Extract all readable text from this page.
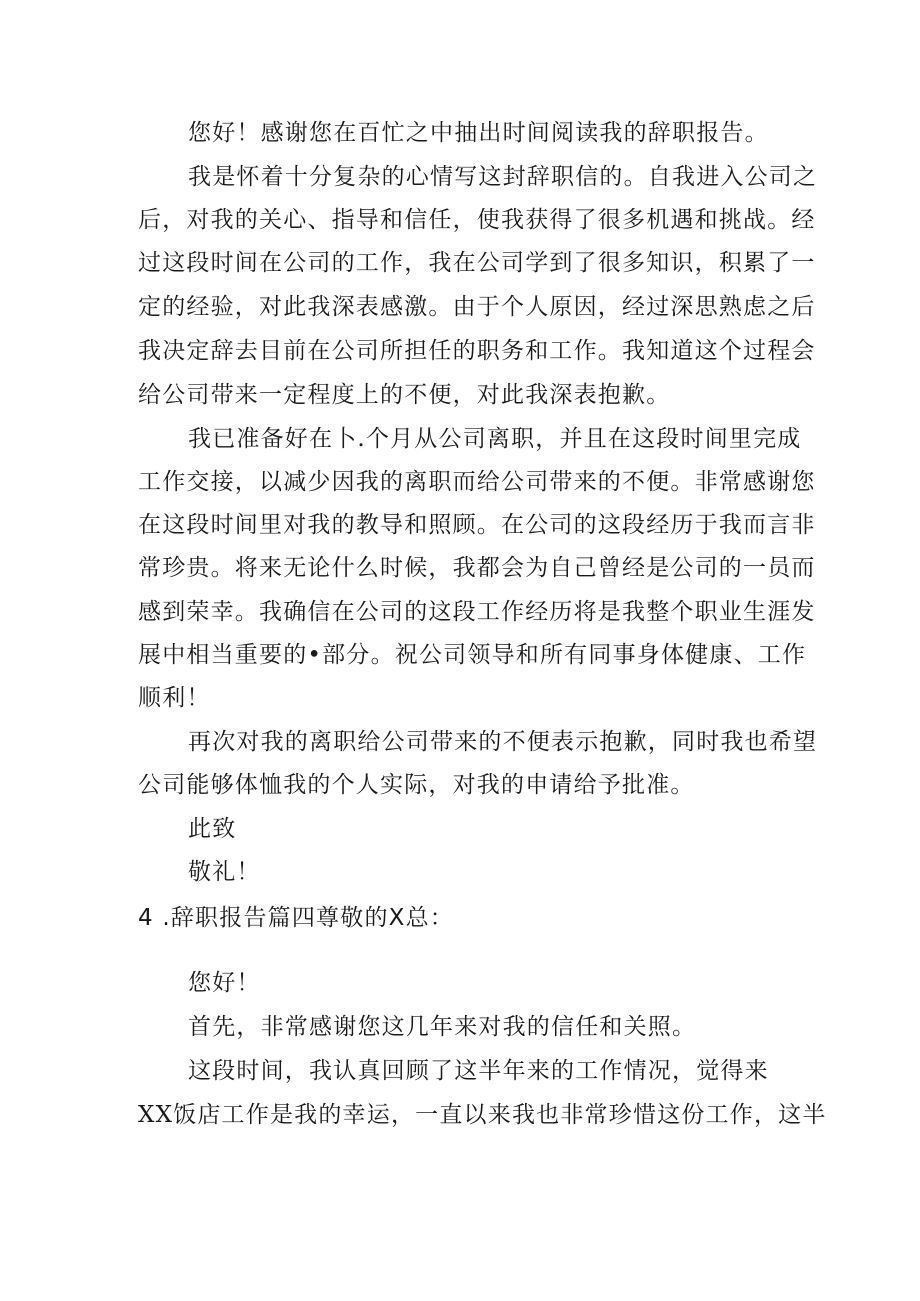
您好！感谢您在百忙之中抽出时间阅读我的辞职报告。
我是怀着十分复杂的心情写这封辞职信的。自我进入公司之
后，对我的关心、指导和信任，使我获得了很多机遇和挑战。经
过这段时间在公司的工作，我在公司学到了很多知识，积累了一
定的经验，对此我深表感激。由于个人原因，经过深思熟虑之后
我决定辞去目前在公司所担任的职务和工作。我知道这个过程会
给公司带来一定程度上的不便，对此我深表抱歉。
我已准备好在卜.个月从公司离职，并且在这段时间里完成
工作交接，以减少因我的离职而给公司带来的不便。非常感谢您
在这段时间里对我的教导和照顾。在公司的这段经历于我而言非
常珍贵。将来无论什么时候，我都会为自己曾经是公司的一员而
感到荣幸。我确信在公司的这段工作经历将是我整个职业生涯发
展中相当重要的•部分。祝公司领导和所有同事身体健康、工作
顺利！
再次对我的离职给公司带来的不便表示抱歉，同时我也希望
公司能够体恤我的个人实际，对我的申请给予批准。
此致
敬礼！
4 .辞职报告篇四尊敬的X总：
您好！
首先，非常感谢您这几年来对我的信任和关照。
这段时间，我认真回顾了这半年来的工作情况，觉得来
XX饭店工作是我的幸运，一直以来我也非常珍惜这份工作，这半
